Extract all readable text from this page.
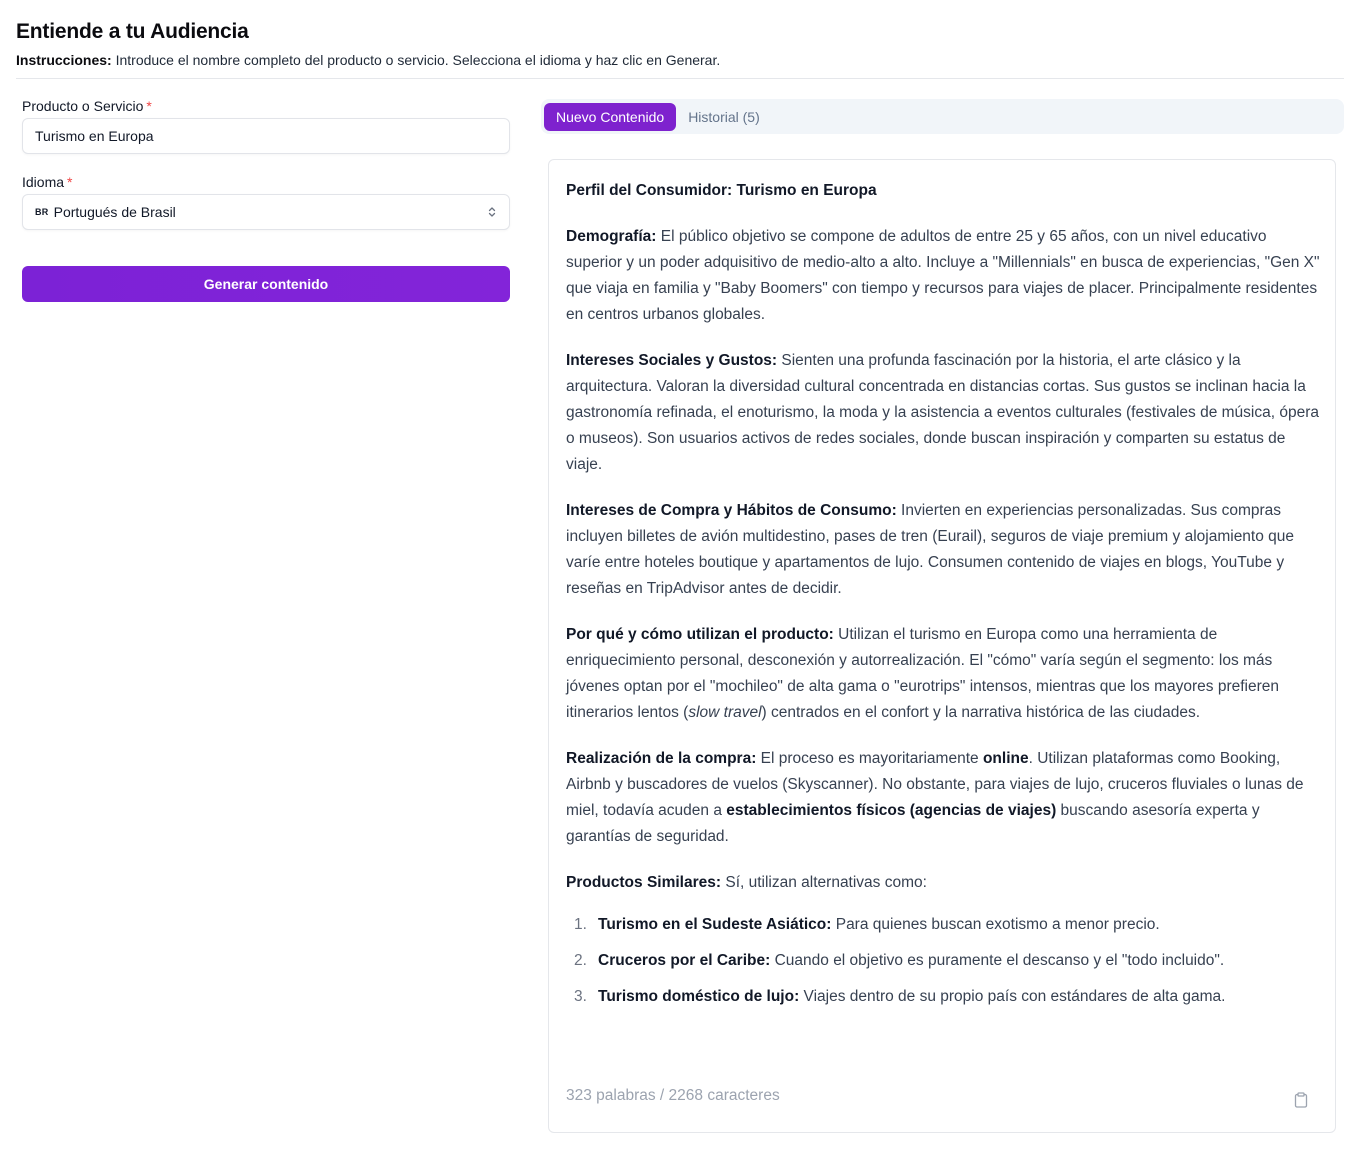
Entiende a tu Audiencia
Instrucciones: Introduce el nombre completo del producto o servicio. Selecciona el idioma y haz clic en Generar.
Producto o Servicio *
Turismo en Europa
Idioma *
BR Portugués de Brasil
Generar contenido
Nuevo Contenido	Historial (5)
Perfil del Consumidor: Turismo en Europa

Demografía: El público objetivo se compone de adultos de entre 25 y 65 años, con un nivel educativo superior y un poder adquisitivo de medio-alto a alto. Incluye a "Millennials" en busca de experiencias, "Gen X" que viaja en familia y "Baby Boomers" con tiempo y recursos para viajes de placer. Principalmente residentes en centros urbanos globales.

Intereses Sociales y Gustos: Sienten una profunda fascinación por la historia, el arte clásico y la arquitectura. Valoran la diversidad cultural concentrada en distancias cortas. Sus gustos se inclinan hacia la gastronomía refinada, el enoturismo, la moda y la asistencia a eventos culturales (festivales de música, ópera o museos). Son usuarios activos de redes sociales, donde buscan inspiración y comparten su estatus de viaje.

Intereses de Compra y Hábitos de Consumo: Invierten en experiencias personalizadas. Sus compras incluyen billetes de avión multidestino, pases de tren (Eurail), seguros de viaje premium y alojamiento que varíe entre hoteles boutique y apartamentos de lujo. Consumen contenido de viajes en blogs, YouTube y reseñas en TripAdvisor antes de decidir.

Por qué y cómo utilizan el producto: Utilizan el turismo en Europa como una herramienta de enriquecimiento personal, desconexión y autorrealización. El "cómo" varía según el segmento: los más jóvenes optan por el "mochileo" de alta gama o "eurotrips" intensos, mientras que los mayores prefieren itinerarios lentos (slow travel) centrados en el confort y la narrativa histórica de las ciudades.

Realización de la compra: El proceso es mayoritariamente online. Utilizan plataformas como Booking, Airbnb y buscadores de vuelos (Skyscanner). No obstante, para viajes de lujo, cruceros fluviales o lunas de miel, todavía acuden a establecimientos físicos (agencias de viajes) buscando asesoría experta y garantías de seguridad.

Productos Similares: Sí, utilizan alternativas como:

1. Turismo en el Sudeste Asiático: Para quienes buscan exotismo a menor precio.
2. Cruceros por el Caribe: Cuando el objetivo es puramente el descanso y el "todo incluido".
3. Turismo doméstico de lujo: Viajes dentro de su propio país con estándares de alta gama.
323 palabras / 2268 caracteres
